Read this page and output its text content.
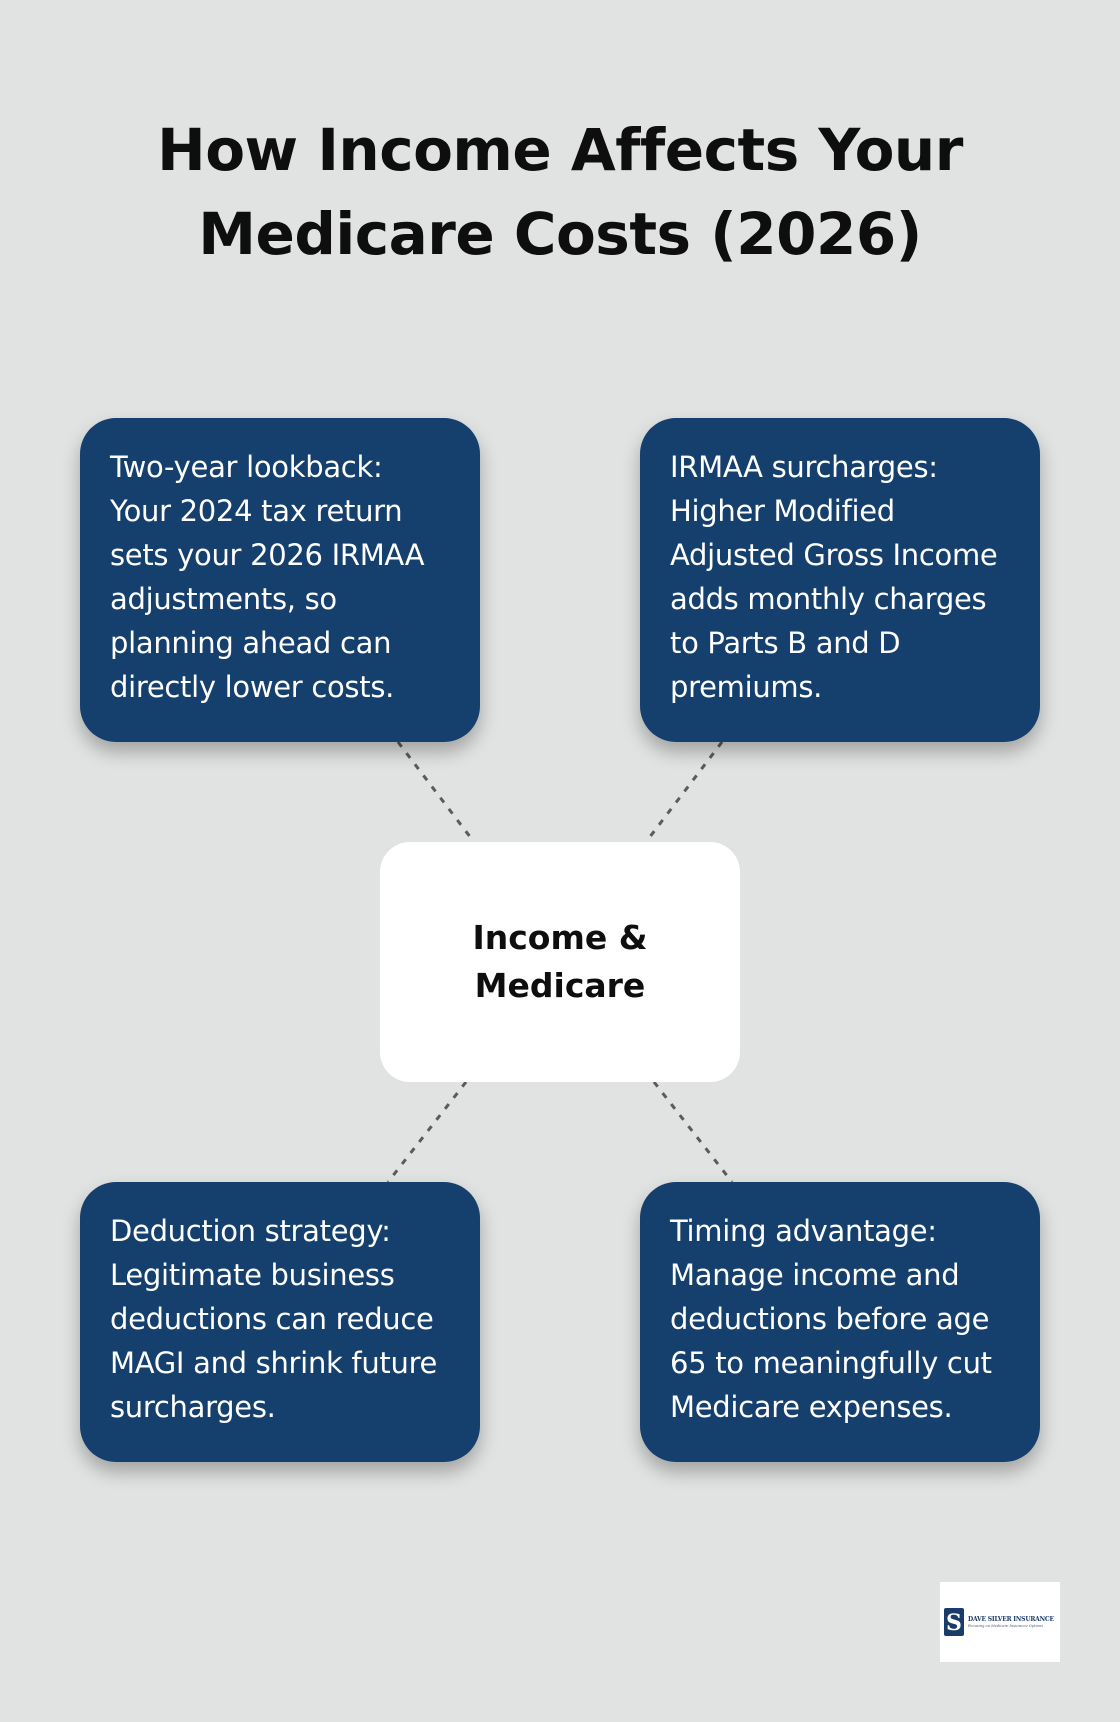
How Income Affects Your Medicare Costs (2026)

Two-year lookback: Your 2024 tax return sets your 2026 IRMAA adjustments, so planning ahead can directly lower costs.

IRMAA surcharges: Higher Modified Adjusted Gross Income adds monthly charges to Parts B and D premiums.

Income & Medicare

Deduction strategy: Legitimate business deductions can reduce MAGI and shrink future surcharges.

Timing advantage: Manage income and deductions before age 65 to meaningfully cut Medicare expenses.

S DAVE SILVER INSURANCE
Focusing on Medicare Insurance Options
